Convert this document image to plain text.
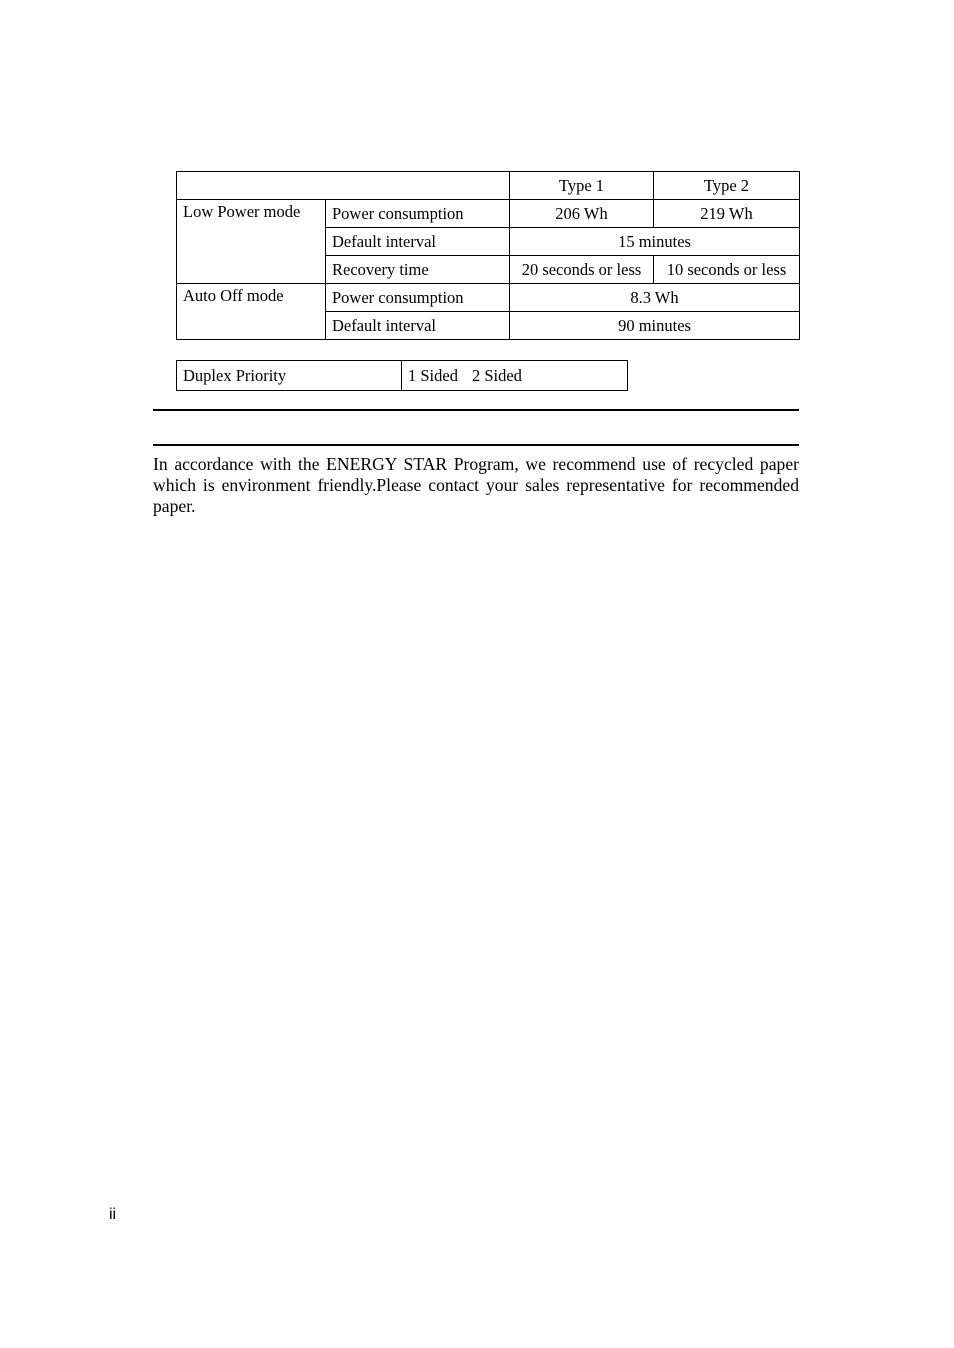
		Type 1	Type 2
Low Power mode	Power consumption	206 Wh	219 Wh
	Default interval	15 minutes	
	Recovery time	20 seconds or less	10 seconds or less
Auto Off mode	Power consumption	8.3 Wh	
	Default interval	90 minutes	
Duplex Priority	1 Sided 2 Sided

In accordance with the ENERGY STAR Program, we recommend use of recycled paper which is environment friendly.Please contact your sales representative for recommended paper.

ii
